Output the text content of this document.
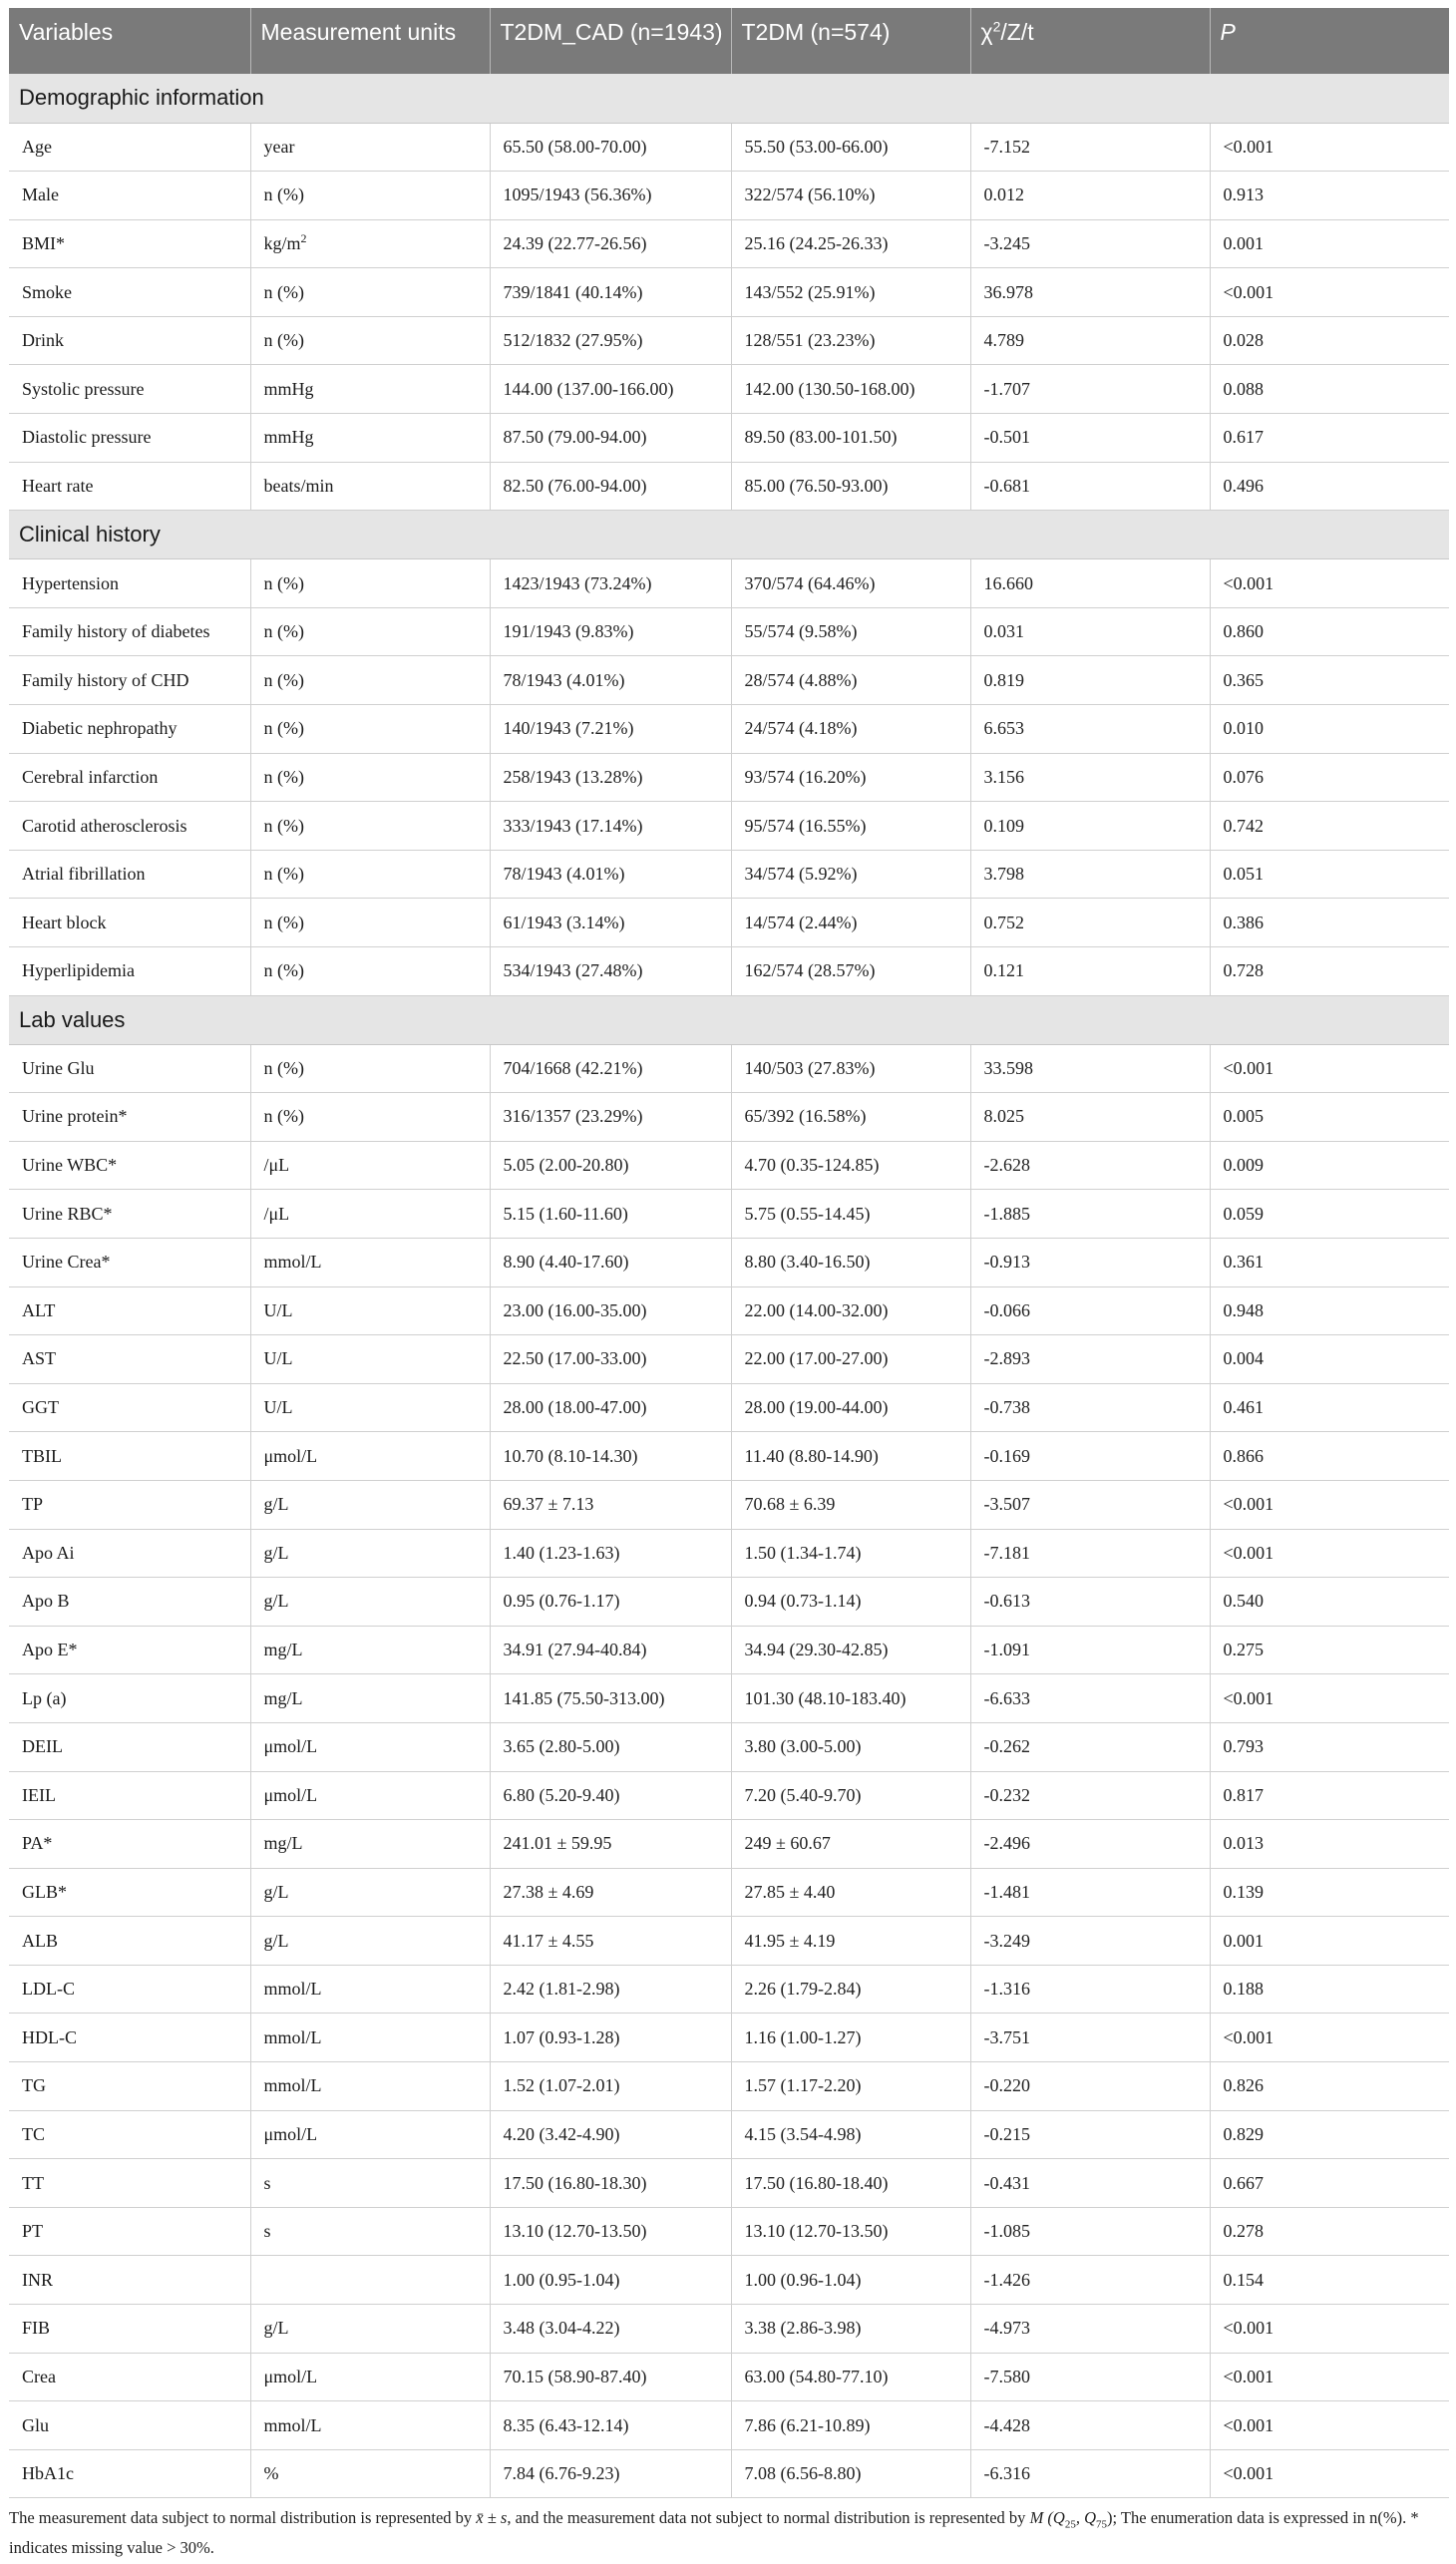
Variables	Measurement units	T2DM_CAD (n=1943)	T2DM (n=574)	$\chi^2/Z/t$	P
Demographic information					
Age	year	65.50 (58.00-70.00)	55.50 (53.00-66.00)	-7.152	<0.001
Male	n (%)	1095/1943 (56.36%)	322/574 (56.10%)	0.012	0.913
BMI*	$kg/m^2$	24.39 (22.77-26.56)	25.16 (24.25-26.33)	-3.245	0.001
Smoke	n (%)	739/1841 (40.14%)	143/552 (25.91%)	36.978	<0.001
Drink	n (%)	512/1832 (27.95%)	128/551 (23.23%)	4.789	0.028
Systolic pressure	mmHg	144.00 (137.00-166.00)	142.00 (130.50-168.00)	-1.707	0.088
Diastolic pressure	mmHg	87.50 (79.00-94.00)	89.50 (83.00-101.50)	-0.501	0.617
Heart rate	beats/min	82.50 (76.00-94.00)	85.00 (76.50-93.00)	-0.681	0.496
Clinical history					
Hypertension	n (%)	1423/1943 (73.24%)	370/574 (64.46%)	16.660	<0.001
Family history of diabetes	n (%)	191/1943 (9.83%)	55/574 (9.58%)	0.031	0.860
Family history of CHD	n (%)	78/1943 (4.01%)	28/574 (4.88%)	0.819	0.365
Diabetic nephropathy	n (%)	140/1943 (7.21%)	24/574 (4.18%)	6.653	0.010
Cerebral infarction	n (%)	258/1943 (13.28%)	93/574 (16.20%)	3.156	0.076
Carotid atherosclerosis	n (%)	333/1943 (17.14%)	95/574 (16.55%)	0.109	0.742
Atrial fibrillation	n (%)	78/1943 (4.01%)	34/574 (5.92%)	3.798	0.051
Heart block	n (%)	61/1943 (3.14%)	14/574 (2.44%)	0.752	0.386
Hyperlipidemia	n (%)	534/1943 (27.48%)	162/574 (28.57%)	0.121	0.728
Lab values					
Urine Glu	n (%)	704/1668 (42.21%)	140/503 (27.83%)	33.598	<0.001
Urine protein*	n (%)	316/1357 (23.29%)	65/392 (16.58%)	8.025	0.005
Urine WBC*	/μL	5.05 (2.00-20.80)	4.70 (0.35-124.85)	-2.628	0.009
Urine RBC*	/μL	5.15 (1.60-11.60)	5.75 (0.55-14.45)	-1.885	0.059
Urine Crea*	mmol/L	8.90 (4.40-17.60)	8.80 (3.40-16.50)	-0.913	0.361
ALT	U/L	23.00 (16.00-35.00)	22.00 (14.00-32.00)	-0.066	0.948
AST	U/L	22.50 (17.00-33.00)	22.00 (17.00-27.00)	-2.893	0.004
GGT	U/L	28.00 (18.00-47.00)	28.00 (19.00-44.00)	-0.738	0.461
TBIL	μmol/L	10.70 (8.10-14.30)	11.40 (8.80-14.90)	-0.169	0.866
TP	g/L	69.37 ± 7.13	70.68 ± 6.39	-3.507	<0.001
Apo Ai	g/L	1.40 (1.23-1.63)	1.50 (1.34-1.74)	-7.181	<0.001
Apo B	g/L	0.95 (0.76-1.17)	0.94 (0.73-1.14)	-0.613	0.540
Apo E*	mg/L	34.91 (27.94-40.84)	34.94 (29.30-42.85)	-1.091	0.275
Lp (a)	mg/L	141.85 (75.50-313.00)	101.30 (48.10-183.40)	-6.633	<0.001
DEIL	μmol/L	3.65 (2.80-5.00)	3.80 (3.00-5.00)	-0.262	0.793
IEIL	μmol/L	6.80 (5.20-9.40)	7.20 (5.40-9.70)	-0.232	0.817
PA*	mg/L	241.01 ± 59.95	249 ± 60.67	-2.496	0.013
GLB*	g/L	27.38 ± 4.69	27.85 ± 4.40	-1.481	0.139
ALB	g/L	41.17 ± 4.55	41.95 ± 4.19	-3.249	0.001
LDL-C	mmol/L	2.42 (1.81-2.98)	2.26 (1.79-2.84)	-1.316	0.188
HDL-C	mmol/L	1.07 (0.93-1.28)	1.16 (1.00-1.27)	-3.751	<0.001
TG	mmol/L	1.52 (1.07-2.01)	1.57 (1.17-2.20)	-0.220	0.826
TC	μmol/L	4.20 (3.42-4.90)	4.15 (3.54-4.98)	-0.215	0.829
TT	s	17.50 (16.80-18.30)	17.50 (16.80-18.40)	-0.431	0.667
PT	s	13.10 (12.70-13.50)	13.10 (12.70-13.50)	-1.085	0.278
INR		1.00 (0.95-1.04)	1.00 (0.96-1.04)	-1.426	0.154
FIB	g/L	3.48 (3.04-4.22)	3.38 (2.86-3.98)	-4.973	<0.001
Crea	μmol/L	70.15 (58.90-87.40)	63.00 (54.80-77.10)	-7.580	<0.001
Glu	mmol/L	8.35 (6.43-12.14)	7.86 (6.21-10.89)	-4.428	<0.001
HbA1c	%	7.84 (6.76-9.23)	7.08 (6.56-8.80)	-6.316	<0.001
The measurement data subject to normal distribution is represented by x̄ ± s, and the measurement data not subject to normal distribution is represented by M ($Q_{25}$, $Q_{75}$); The enumeration data is expressed in n(%). * indicates missing value > 30%.
